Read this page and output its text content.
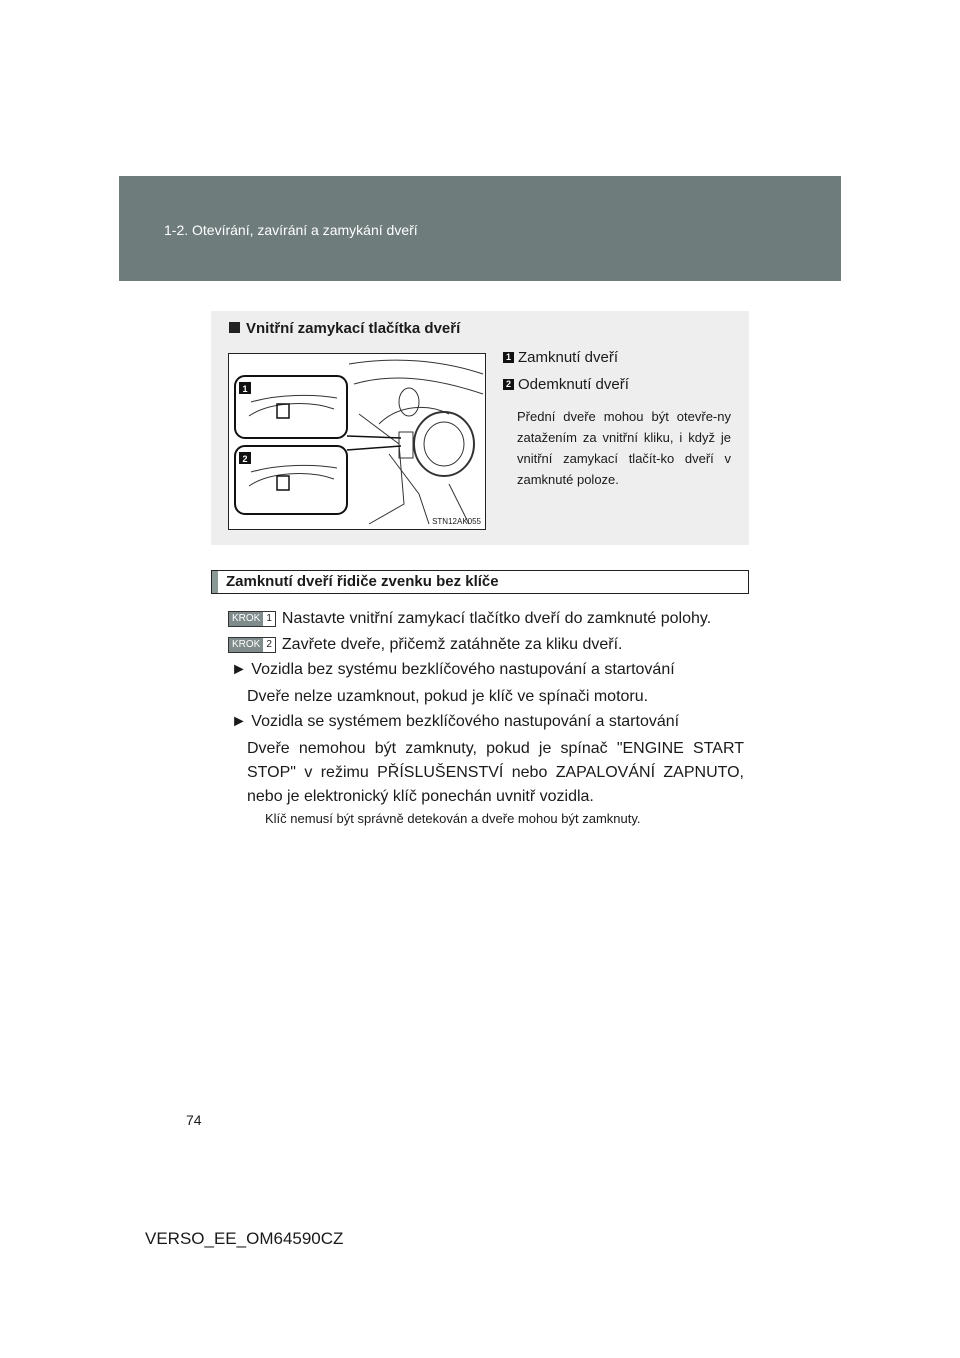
1-2. Otevírání, zavírání a zamykání dveří
Vnitřní zamykací tlačítka dveří
1
2
STN12AK055
1 Zamknutí dveří
2 Odemknutí dveří
Přední dveře mohou být otevře-ny zatažením za vnitřní kliku, i když je vnitřní zamykací tlačít-ko dveří v zamknuté poloze.
Zamknutí dveří řidiče zvenku bez klíče
KROK 1 Nastavte vnitřní zamykací tlačítko dveří do zamknuté polohy.
KROK 2 Zavřete dveře, přičemž zatáhněte za kliku dveří.
► Vozidla bez systému bezklíčového nastupování a startování
Dveře nelze uzamknout, pokud je klíč ve spínači motoru.
► Vozidla se systémem bezklíčového nastupování a startování
Dveře nemohou být zamknuty, pokud je spínač "ENGINE START STOP" v režimu PŘÍSLUŠENSTVÍ nebo ZAPALOVÁNÍ ZAPNUTO, nebo je elektronický klíč ponechán uvnitř vozidla.
Klíč nemusí být správně detekován a dveře mohou být zamknuty.
74
VERSO_EE_OM64590CZ
